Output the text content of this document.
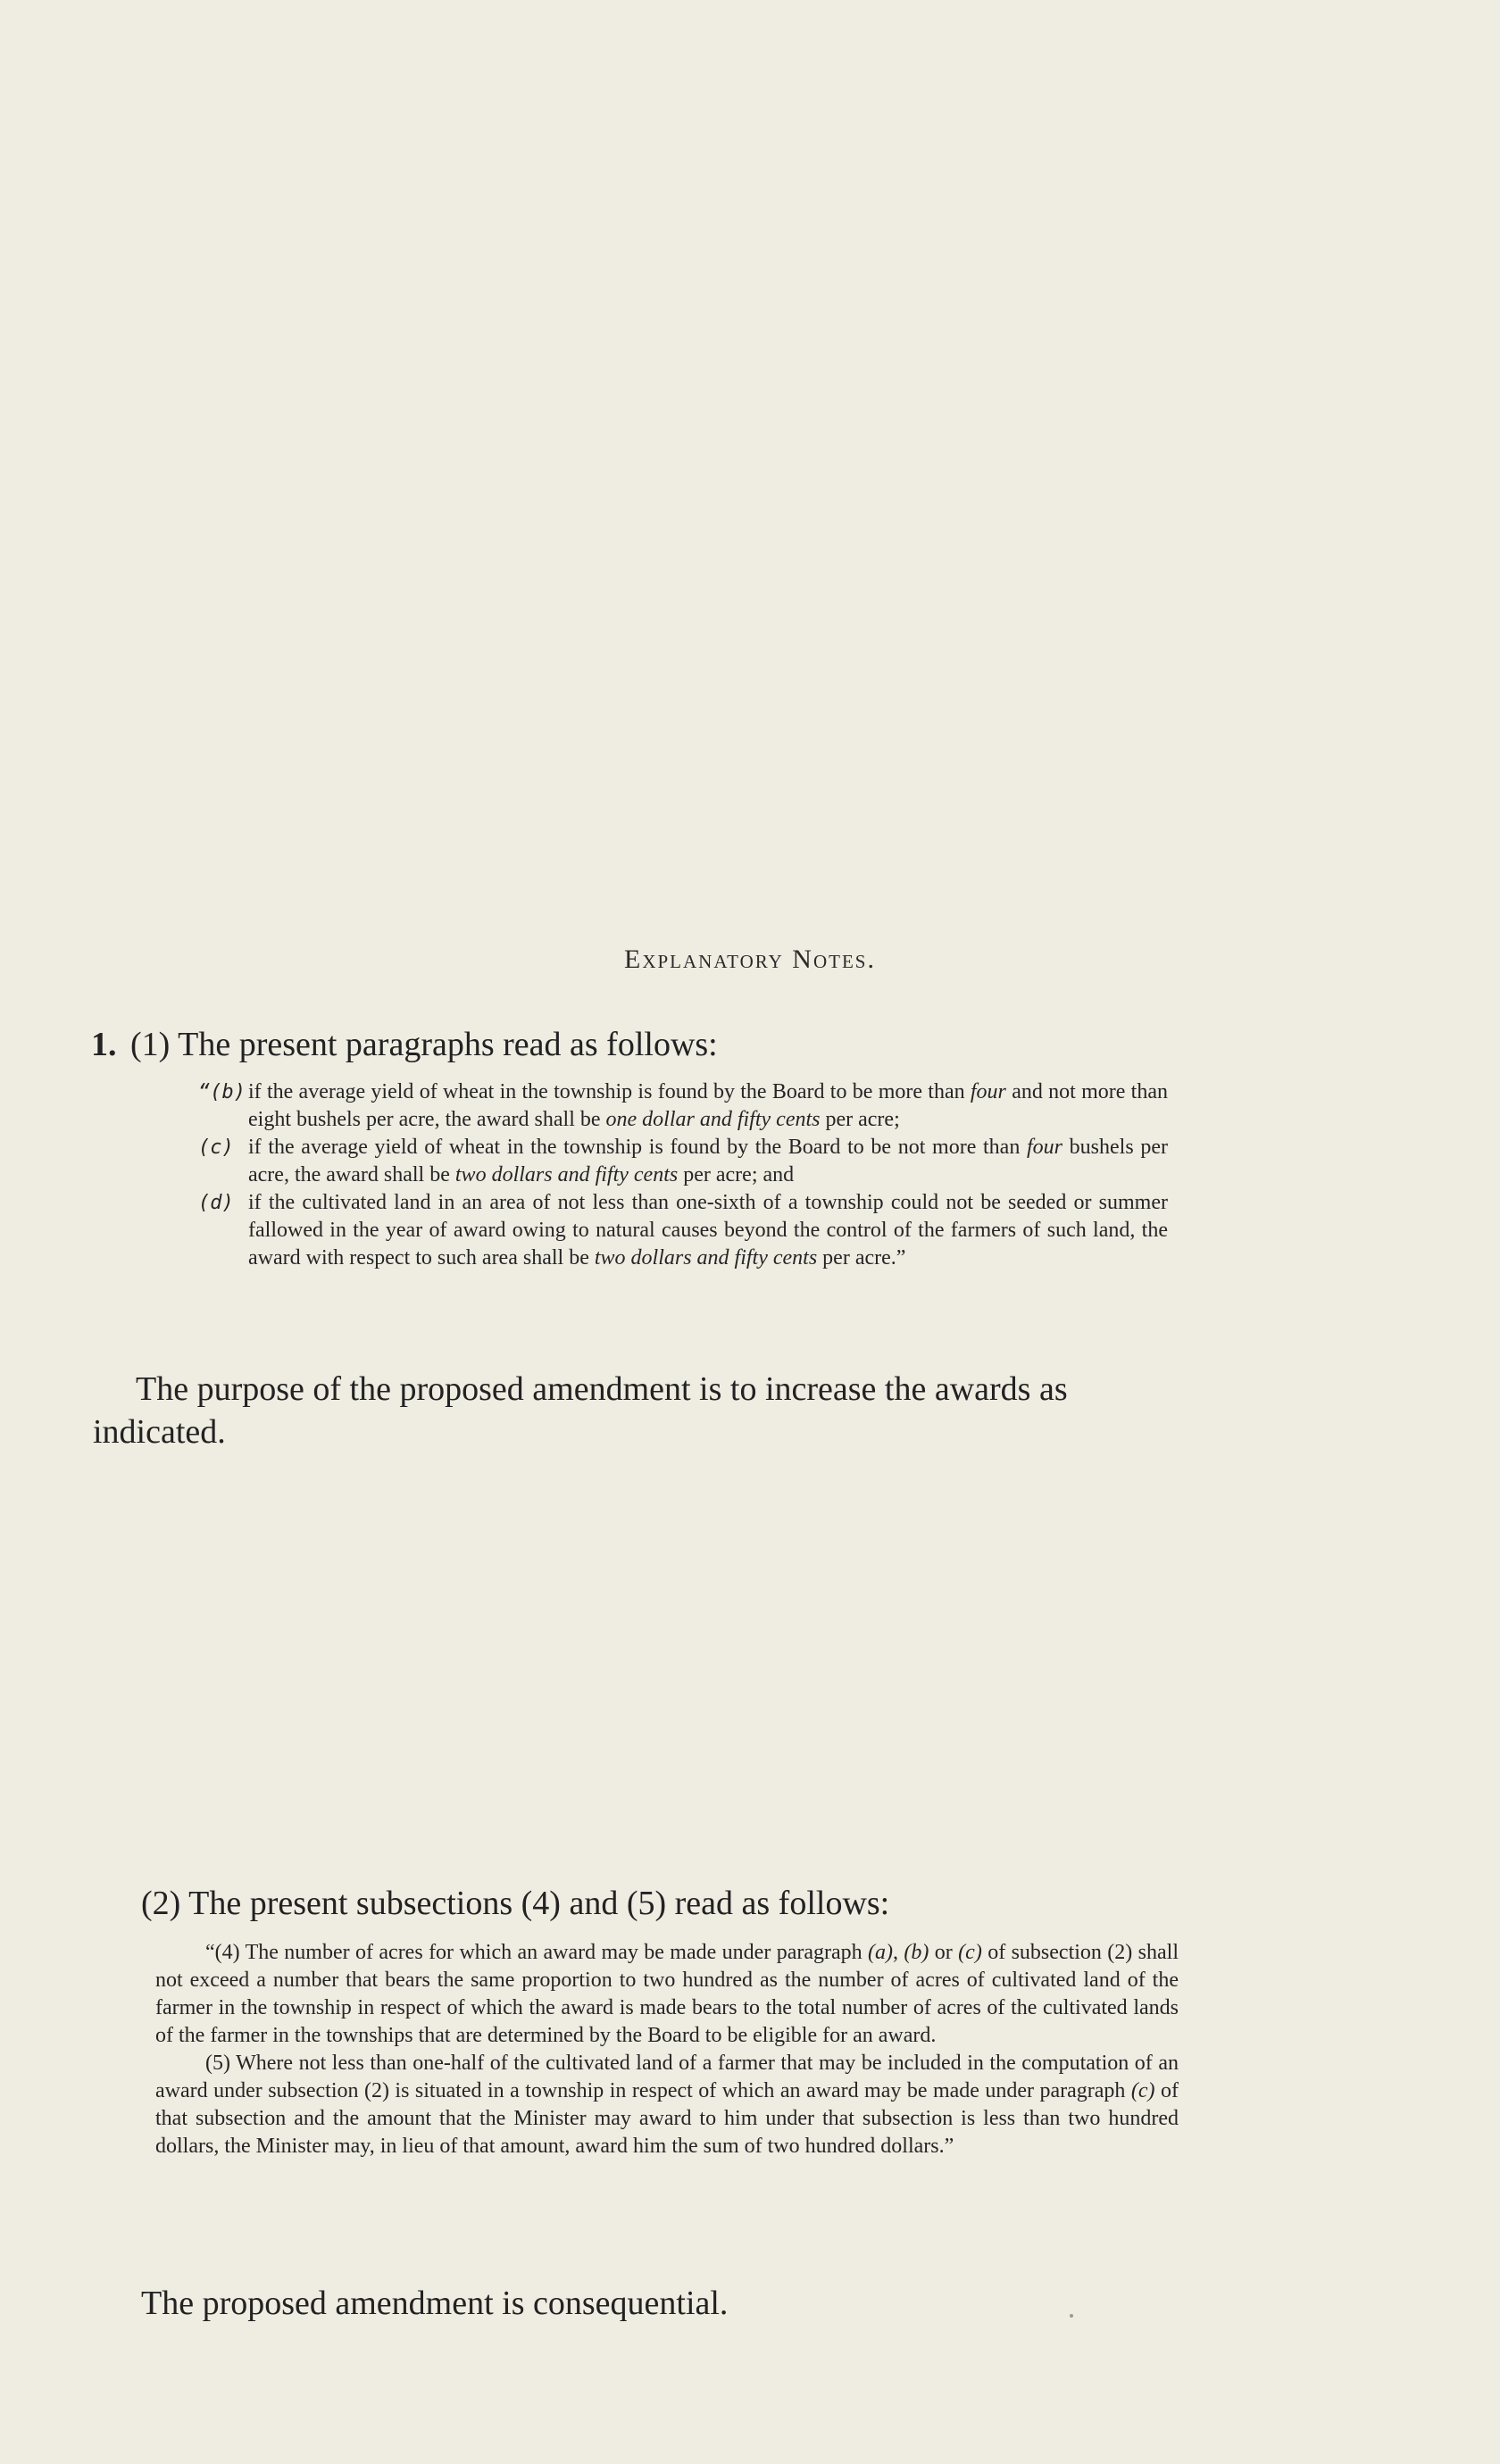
Explanatory Notes.
1. (1) The present paragraphs read as follows:
“(b) if the average yield of wheat in the township is found by the Board to be more than four and not more than eight bushels per acre, the award shall be one dollar and fifty cents per acre;
(c) if the average yield of wheat in the township is found by the Board to be not more than four bushels per acre, the award shall be two dollars and fifty cents per acre; and
(d) if the cultivated land in an area of not less than one-sixth of a township could not be seeded or summer fallowed in the year of award owing to natural causes beyond the control of the farmers of such land, the award with respect to such area shall be two dollars and fifty cents per acre.”
The purpose of the proposed amendment is to increase the awards as indicated.
(2) The present subsections (4) and (5) read as follows:

“(4) The number of acres for which an award may be made under paragraph (a), (b) or (c) of subsection (2) shall not exceed a number that bears the same proportion to two hundred as the number of acres of cultivated land of the farmer in the township in respect of which the award is made bears to the total number of acres of the cultivated lands of the farmer in the townships that are determined by the Board to be eligible for an award.

(5) Where not less than one-half of the cultivated land of a farmer that may be included in the computation of an award under subsection (2) is situated in a township in respect of which an award may be made under paragraph (c) of that subsection and the amount that the Minister may award to him under that subsection is less than two hundred dollars, the Minister may, in lieu of that amount, award him the sum of two hundred dollars.”

The proposed amendment is consequential.
